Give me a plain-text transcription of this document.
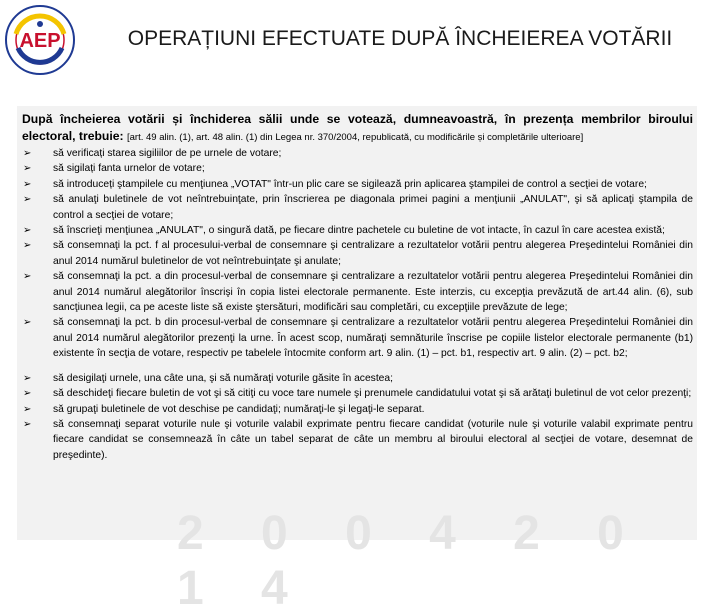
AEP	OPERAȚIUNI EFECTUATE DUPĂ ÎNCHEIEREA VOTĂRII
2 0 0 4 2 0 1 4
După încheierea votării și închiderea sălii unde se votează, dumneavoastră, în prezența membrilor biroului electoral, trebuie: [art. 49 alin. (1), art. 48 alin. (1) din Legea nr. 370/2004, republicată, cu modificările și completările ulterioare]
➢ să verificați starea sigiliilor de pe urnele de votare;
➢ să sigilați fanta urnelor de votare;
➢ să introduceți ştampilele cu menţiunea „VOTAT" într-un plic care se sigilează prin aplicarea ştampilei de control a secţiei de votare;
➢ să anulaţi buletinele de vot neîntrebuinţate, prin înscrierea pe diagonala primei pagini a menţiunii „ANULAT", şi să aplicaţi ştampila de control a secţiei de votare;
➢ să înscrieţi menţiunea „ANULAT", o singură dată, pe fiecare dintre pachetele cu buletine de vot intacte, în cazul în care acestea există;
➢ să consemnaţi la pct. f al procesului-verbal de consemnare şi centralizare a rezultatelor votării pentru alegerea Preşedintelui României din anul 2014 numărul buletinelor de vot neîntrebuinţate şi anulate;
➢ să consemnaţi la pct. a din procesul-verbal de consemnare şi centralizare a rezultatelor votării pentru alegerea Preşedintelui României din anul 2014 numărul alegătorilor înscrişi în copia listei electorale permanente. Este interzis, cu excepţia prevăzută de art.44 alin. (6), sub sancţiunea legii, ca pe aceste liste să existe ştersături, modificări sau completări, cu excepţiile prevăzute de lege;
➢ să consemnaţi la pct. b din procesul-verbal de consemnare şi centralizare a rezultatelor votării pentru alegerea Preşedintelui României din anul 2014 numărul alegătorilor prezenţi la urne. În acest scop, număraţi semnăturile înscrise pe copiile listelor electorale permanente (b1) existente în secţia de votare, respectiv pe tabelele întocmite conform art. 9 alin. (1) – pct. b1, respectiv art. 9 alin. (2) – pct. b2;
➢ să desigilaţi urnele, una câte una, şi să număraţi voturile găsite în acestea;
➢ să deschideţi fiecare buletin de vot şi să citiţi cu voce tare numele şi prenumele candidatului votat şi să arătaţi buletinul de vot celor prezenţi;
➢ să grupaţi buletinele de vot deschise pe candidaţi; număraţi-le şi legaţi-le separat.
➢ să consemnaţi separat voturile nule şi voturile valabil exprimate pentru fiecare candidat (voturile nule şi voturile valabil exprimate pentru fiecare candidat se consemnează în câte un tabel separat de câte un membru al biroului electoral al secţiei de votare, desemnat de preşedinte).
